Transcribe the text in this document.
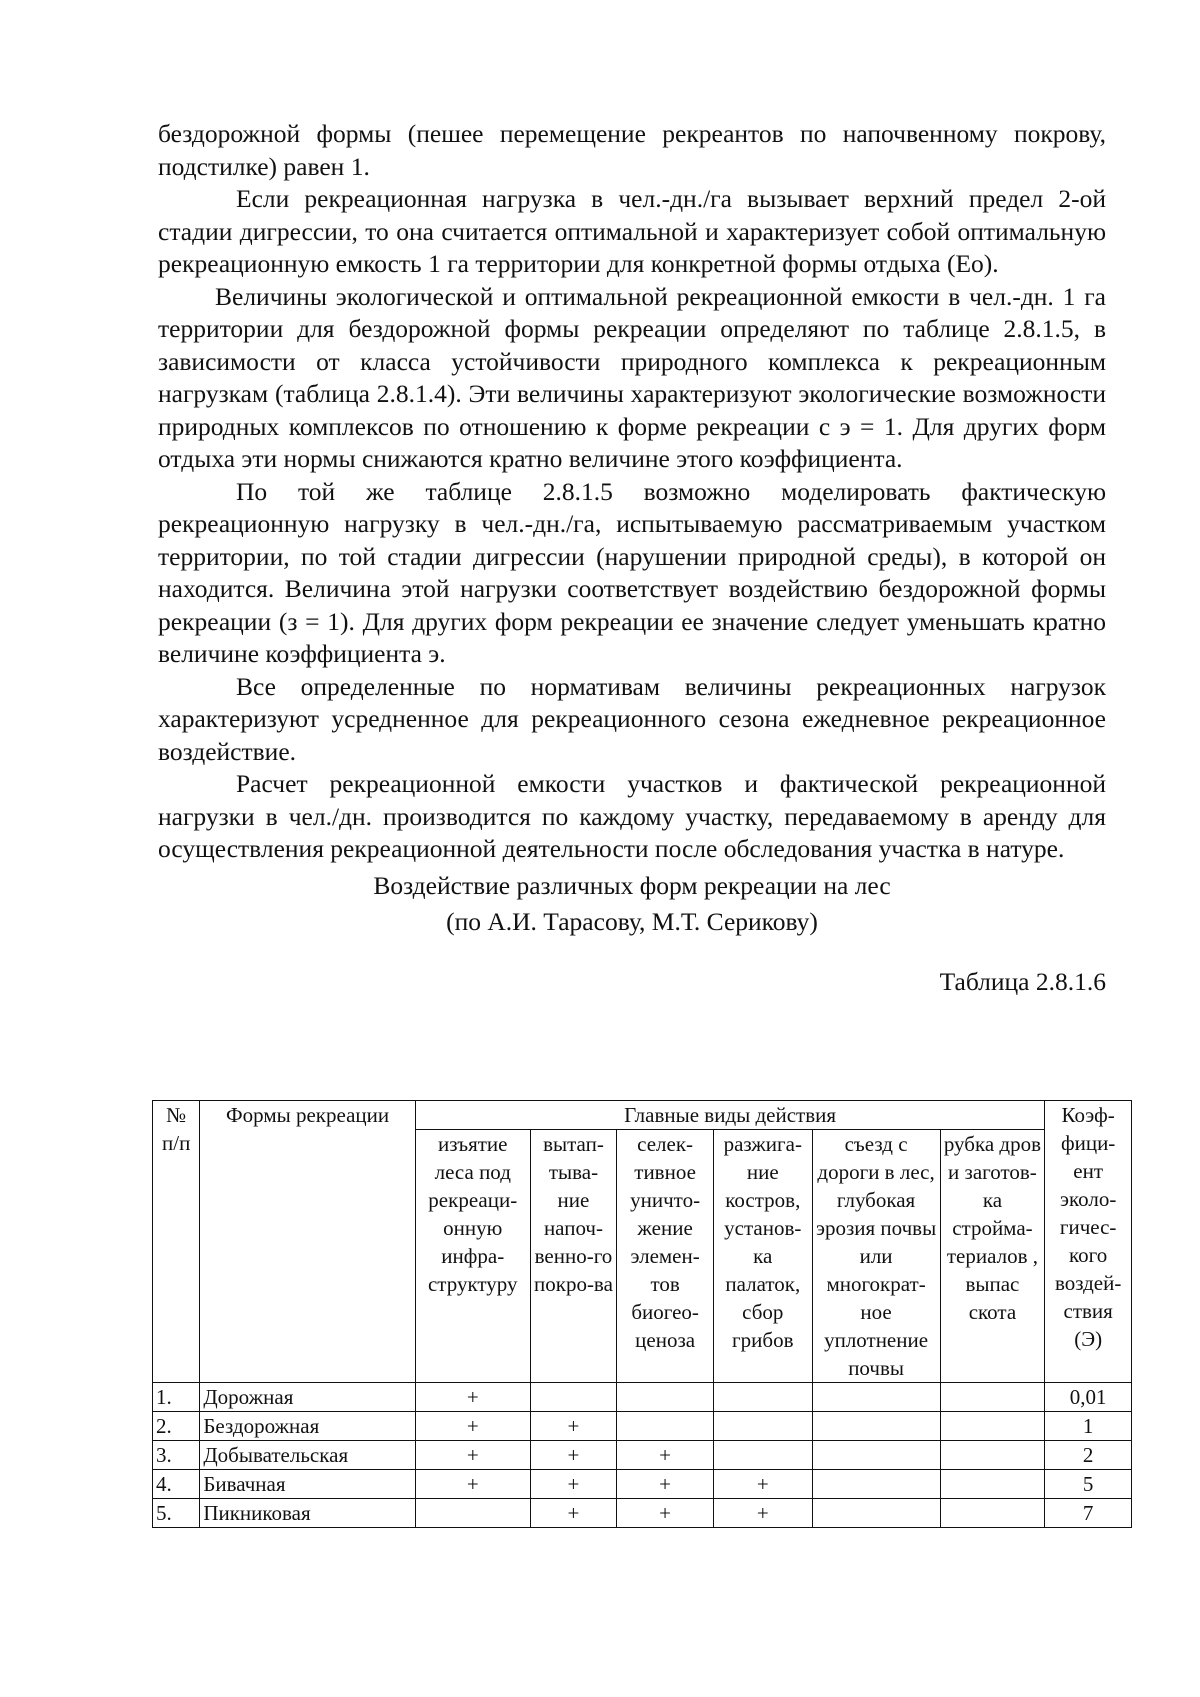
бездорожной формы (пешее перемещение рекреантов по напочвенному покрову, подстилке) равен 1.

Если рекреационная нагрузка в чел.-дн./га вызывает верхний предел 2-ой стадии дигрессии, то она считается оптимальной и характеризует собой оптимальную рекреационную емкость 1 га территории для конкретной формы отдыха (Ео).

Величины экологической и оптимальной рекреационной емкости в чел.-дн. 1 га территории для бездорожной формы рекреации определяют по таблице 2.8.1.5, в зависимости от класса устойчивости природного комплекса к рекреационным нагрузкам (таблица 2.8.1.4). Эти величины характеризуют экологические возможности природных комплексов по отношению к форме рекреации с э = 1. Для других форм отдыха эти нормы снижаются кратно величине этого коэффициента.

По той же таблице 2.8.1.5 возможно моделировать фактическую рекреационную нагрузку в чел.-дн./га, испытываемую рассматриваемым участком территории, по той стадии дигрессии (нарушении природной среды), в которой он находится. Величина этой нагрузки соответствует воздействию бездорожной формы рекреации (з = 1). Для других форм рекреации ее значение следует уменьшать кратно величине коэффициента э.

Все определенные по нормативам величины рекреационных нагрузок характеризуют усредненное для рекреационного сезона ежедневное рекреационное воздействие.

Расчет рекреационной емкости участков и фактической рекреационной нагрузки в чел./дн. производится по каждому участку, передаваемому в аренду для осуществления рекреационной деятельности после обследования участка в натуре.

Воздействие различных форм рекреации на лес

(по А.И. Тарасову, М.Т. Серикову)

Таблица 2.8.1.6
№ п/п	Формы рекреации	Главные виды действия						Коэф-фици-ент эколо-гичес-кого воздей-ствия (Э)
		изъятие леса под рекреаци-онную инфра-структуру	вытап-тыва-ние напоч-венно-го покро-ва	селек-тивное уничто-жение элемен-тов биогео-ценоза	разжига-ние костров, установ-ка палаток, сбор грибов	съезд с дороги в лес, глубокая эрозия почвы или многократ-ное уплотнение почвы	рубка дров и заготов-ка стройма-териалов , выпас скота	
1.	Дорожная	+						0,01
2.	Бездорожная	+	+					1
3.	Добывательская	+	+	+				2
4.	Бивачная	+	+	+	+			5
5.	Пикниковая		+	+	+			7
